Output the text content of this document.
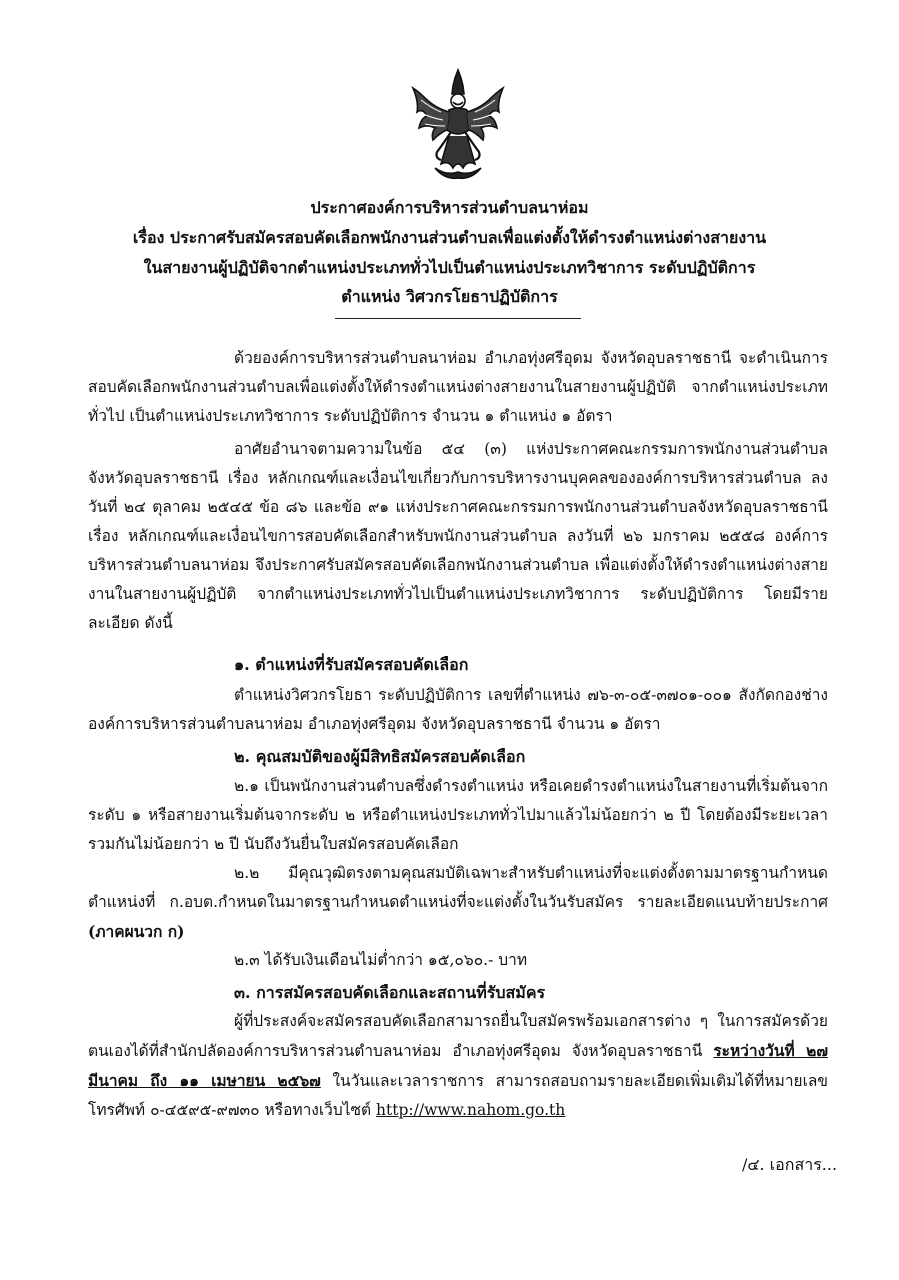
ประกาศองค์การบริหารส่วนตำบลนาห่อม
เรื่อง ประกาศรับสมัครสอบคัดเลือกพนักงานส่วนตำบลเพื่อแต่งตั้งให้ดำรงตำแหน่งต่างสายงาน
ในสายงานผู้ปฏิบัติจากตำแหน่งประเภททั่วไปเป็นตำแหน่งประเภทวิชาการ ระดับปฏิบัติการ
ตำแหน่ง วิศวกรโยธาปฏิบัติการ
ด้วยองค์การบริหารส่วนตำบลนาห่อม อำเภอทุ่งศรีอุดม จังหวัดอุบลราชธานี จะดำเนินการสอบคัดเลือกพนักงานส่วนตำบลเพื่อแต่งตั้งให้ดำรงตำแหน่งต่างสายงานในสายงานผู้ปฏิบัติ จากตำแหน่งประเภททั่วไป เป็นตำแหน่งประเภทวิชาการ ระดับปฏิบัติการ จำนวน ๑ ตำแหน่ง ๑ อัตรา
อาศัยอำนาจตามความในข้อ ๕๔ (๓) แห่งประกาศคณะกรรมการพนักงานส่วนตำบลจังหวัดอุบลราชธานี เรื่อง หลักเกณฑ์และเงื่อนไขเกี่ยวกับการบริหารงานบุคคลขององค์การบริหารส่วนตำบล ลงวันที่ ๒๔ ตุลาคม ๒๕๔๕ ข้อ ๘๖ และข้อ ๙๑ แห่งประกาศคณะกรรมการพนักงานส่วนตำบลจังหวัดอุบลราชธานี เรื่อง หลักเกณฑ์และเงื่อนไขการสอบคัดเลือกสำหรับพนักงานส่วนตำบล ลงวันที่ ๒๖ มกราคม ๒๕๕๘ องค์การบริหารส่วนตำบลนาห่อม จึงประกาศรับสมัครสอบคัดเลือกพนักงานส่วนตำบล เพื่อแต่งตั้งให้ดำรงตำแหน่งต่างสายงานในสายงานผู้ปฏิบัติ จากตำแหน่งประเภททั่วไปเป็นตำแหน่งประเภทวิชาการ ระดับปฏิบัติการ โดยมีรายละเอียด ดังนี้
๑. ตำแหน่งที่รับสมัครสอบคัดเลือก
ตำแหน่งวิศวกรโยธา ระดับปฏิบัติการ เลขที่ตำแหน่ง ๗๖-๓-๐๕-๓๗๐๑-๐๐๑ สังกัดกองช่าง องค์การบริหารส่วนตำบลนาห่อม อำเภอทุ่งศรีอุดม จังหวัดอุบลราชธานี จำนวน ๑ อัตรา
๒. คุณสมบัติของผู้มีสิทธิสมัครสอบคัดเลือก
๒.๑ เป็นพนักงานส่วนตำบลซึ่งดำรงตำแหน่ง หรือเคยดำรงตำแหน่งในสายงานที่เริ่มต้นจากระดับ ๑ หรือสายงานเริ่มต้นจากระดับ ๒ หรือตำแหน่งประเภททั่วไปมาแล้วไม่น้อยกว่า ๒ ปี โดยต้องมีระยะเวลารวมกันไม่น้อยกว่า ๒ ปี นับถึงวันยื่นใบสมัครสอบคัดเลือก
๒.๒ มีคุณวุฒิตรงตามคุณสมบัติเฉพาะสำหรับตำแหน่งที่จะแต่งตั้งตามมาตรฐานกำหนดตำแหน่งที่ ก.อบต.กำหนดในมาตรฐานกำหนดตำแหน่งที่จะแต่งตั้งในวันรับสมัคร รายละเอียดแนบท้ายประกาศ (ภาคผนวก ก)
๒.๓ ได้รับเงินเดือนไม่ต่ำกว่า ๑๕,๐๖๐.- บาท
๓. การสมัครสอบคัดเลือกและสถานที่รับสมัคร
ผู้ที่ประสงค์จะสมัครสอบคัดเลือกสามารถยื่นใบสมัครพร้อมเอกสารต่าง ๆ ในการสมัครด้วยตนเองได้ที่สำนักปลัดองค์การบริหารส่วนตำบลนาห่อม อำเภอทุ่งศรีอุดม จังหวัดอุบลราชธานี ระหว่างวันที่ ๒๗ มีนาคม ถึง ๑๑ เมษายน ๒๕๖๗ ในวันและเวลาราชการ สามารถสอบถามรายละเอียดเพิ่มเติมได้ที่หมายเลขโทรศัพท์ ๐-๔๕๙๕-๙๗๓๐ หรือทางเว็บไซต์ http://www.nahom.go.th
/๔. เอกสาร...
